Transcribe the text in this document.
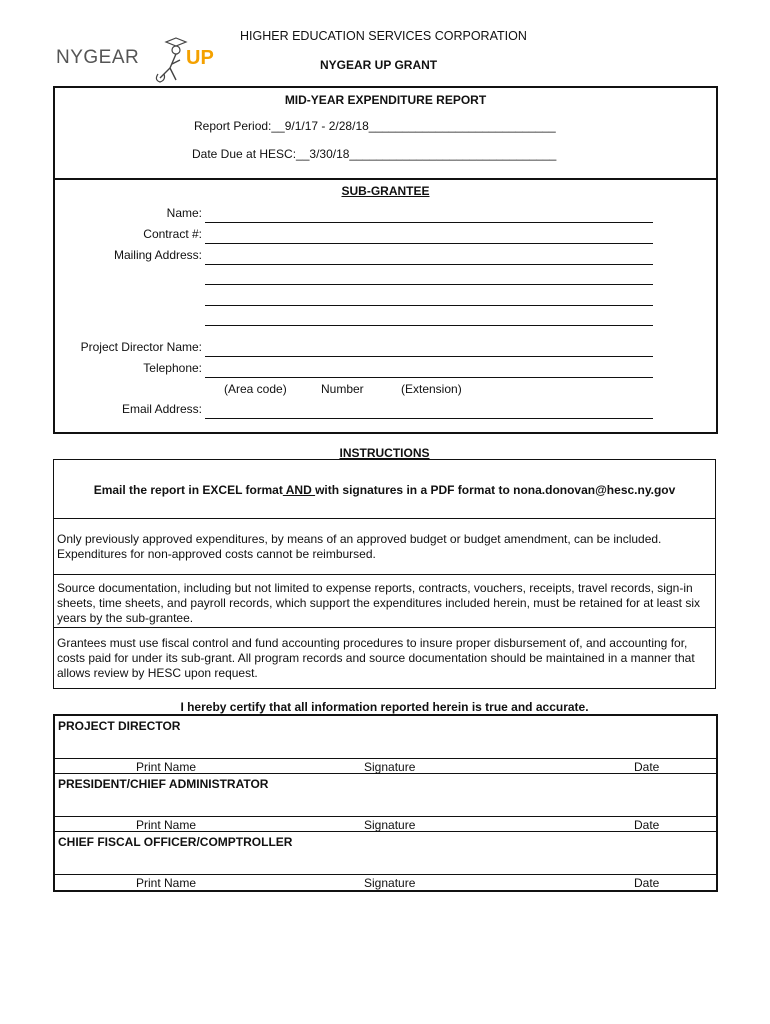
NYGEAR UP
HIGHER EDUCATION SERVICES CORPORATION
NYGEAR UP GRANT
MID-YEAR EXPENDITURE REPORT
Report Period:__9/1/17 - 2/28/18____________________________
Date Due at HESC:__3/30/18_______________________________
SUB-GRANTEE
Name:
Contract #:
Mailing Address:
Project Director Name:
Telephone:
(Area code)	Number	(Extension)
Email Address:
INSTRUCTIONS
Email the report in EXCEL format AND with signatures in a PDF format to nona.donovan@hesc.ny.gov
Only previously approved expenditures, by means of an approved budget or budget amendment, can be included. Expenditures for non-approved costs cannot be reimbursed.
Source documentation, including but not limited to expense reports, contracts, vouchers, receipts, travel records, sign-in sheets, time sheets, and payroll records, which support the expenditures included herein, must be retained for at least six years by the sub-grantee.
Grantees must use fiscal control and fund accounting procedures to insure proper disbursement of, and accounting for, costs paid for under its sub-grant. All program records and source documentation should be maintained in a manner that allows review by HESC upon request.
I hereby certify that all information reported herein is true and accurate.
PROJECT DIRECTOR
Print Name	Signature	Date
PRESIDENT/CHIEF ADMINISTRATOR
Print Name	Signature	Date
CHIEF FISCAL OFFICER/COMPTROLLER
Print Name	Signature	Date
